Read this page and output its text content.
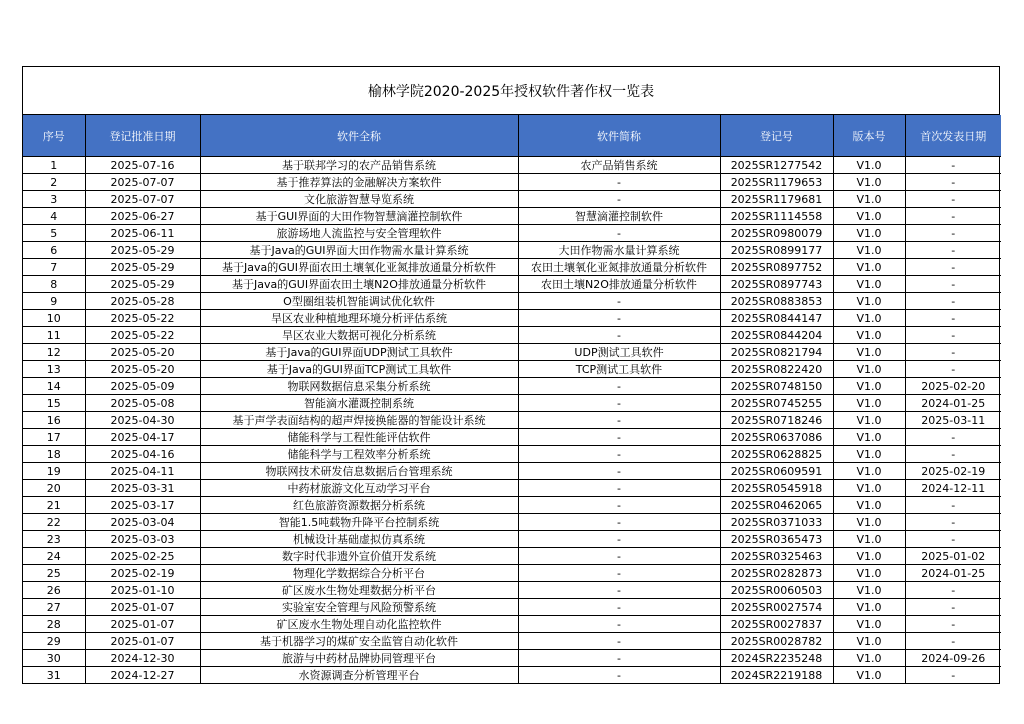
榆林学院2020-2025年授权软件著作权一览表
序号	登记批准日期	软件全称	软件简称	登记号	版本号	首次发表日期
1	2025-07-16	基于联邦学习的农产品销售系统	农产品销售系统	2025SR1277542	V1.0	-
2	2025-07-07	基于推荐算法的金融解决方案软件	-	2025SR1179653	V1.0	-
3	2025-07-07	文化旅游智慧导览系统	-	2025SR1179681	V1.0	-
4	2025-06-27	基于GUI界面的大田作物智慧滴灌控制软件	智慧滴灌控制软件	2025SR1114558	V1.0	-
5	2025-06-11	旅游场地人流监控与安全管理软件	-	2025SR0980079	V1.0	-
6	2025-05-29	基于Java的GUI界面大田作物需水量计算系统	大田作物需水量计算系统	2025SR0899177	V1.0	-
7	2025-05-29	基于Java的GUI界面农田土壤氧化亚氮排放通量分析软件	农田土壤氧化亚氮排放通量分析软件	2025SR0897752	V1.0	-
8	2025-05-29	基于Java的GUI界面农田土壤N2O排放通量分析软件	农田土壤N2O排放通量分析软件	2025SR0897743	V1.0	-
9	2025-05-28	O型圈组装机智能调试优化软件	-	2025SR0883853	V1.0	-
10	2025-05-22	旱区农业种植地理环境分析评估系统	-	2025SR0844147	V1.0	-
11	2025-05-22	旱区农业大数据可视化分析系统	-	2025SR0844204	V1.0	-
12	2025-05-20	基于Java的GUI界面UDP测试工具软件	UDP测试工具软件	2025SR0821794	V1.0	-
13	2025-05-20	基于Java的GUI界面TCP测试工具软件	TCP测试工具软件	2025SR0822420	V1.0	-
14	2025-05-09	物联网数据信息采集分析系统	-	2025SR0748150	V1.0	2025-02-20
15	2025-05-08	智能滴水灌溉控制系统	-	2025SR0745255	V1.0	2024-01-25
16	2025-04-30	基于声学表面结构的超声焊接换能器的智能设计系统	-	2025SR0718246	V1.0	2025-03-11
17	2025-04-17	储能科学与工程性能评估软件	-	2025SR0637086	V1.0	-
18	2025-04-16	储能科学与工程效率分析系统	-	2025SR0628825	V1.0	-
19	2025-04-11	物联网技术研发信息数据后台管理系统	-	2025SR0609591	V1.0	2025-02-19
20	2025-03-31	中药材旅游文化互动学习平台	-	2025SR0545918	V1.0	2024-12-11
21	2025-03-17	红色旅游资源数据分析系统	-	2025SR0462065	V1.0	-
22	2025-03-04	智能1.5吨载物升降平台控制系统	-	2025SR0371033	V1.0	-
23	2025-03-03	机械设计基础虚拟仿真系统	-	2025SR0365473	V1.0	-
24	2025-02-25	数字时代非遗外宣价值开发系统	-	2025SR0325463	V1.0	2025-01-02
25	2025-02-19	物理化学数据综合分析平台	-	2025SR0282873	V1.0	2024-01-25
26	2025-01-10	矿区废水生物处理数据分析平台	-	2025SR0060503	V1.0	-
27	2025-01-07	实验室安全管理与风险预警系统	-	2025SR0027574	V1.0	-
28	2025-01-07	矿区废水生物处理自动化监控软件	-	2025SR0027837	V1.0	-
29	2025-01-07	基于机器学习的煤矿安全监管自动化软件	-	2025SR0028782	V1.0	-
30	2024-12-30	旅游与中药材品牌协同管理平台	-	2024SR2235248	V1.0	2024-09-26
31	2024-12-27	水资源调查分析管理平台	-	2024SR2219188	V1.0	-
